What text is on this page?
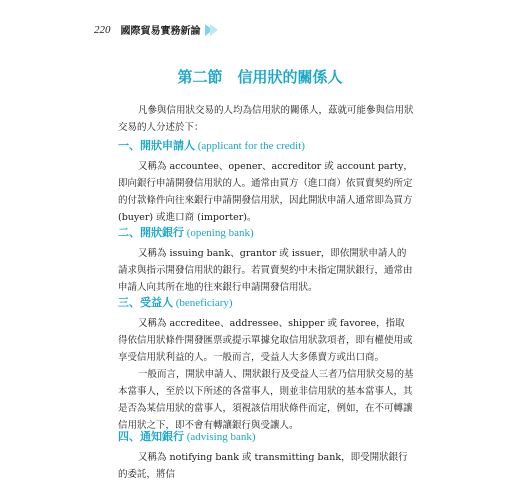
220 國際貿易實務新論
第二節　信用狀的關係人

凡參與信用狀交易的人均為信用狀的關係人，茲就可能參與信用狀交易的人分述於下：

一、開狀申請人 (applicant for the credit)

又稱為 accountee、opener、accreditor 或 account party，即向銀行申請開發信用狀的人。通常由買方（進口商）依買賣契約所定的付款條件向往來銀行申請開發信用狀，因此開狀申請人通常即為買方 (buyer) 或進口商 (importer)。

二、開狀銀行 (opening bank)

又稱為 issuing bank、grantor 或 issuer，即依開狀申請人的請求與指示開發信用狀的銀行。若買賣契約中未指定開狀銀行，通常由申請人向其所在地的往來銀行申請開發信用狀。

三、受益人 (beneficiary)

又稱為 accreditee、addressee、shipper 或 favoree，指取得依信用狀條件開發匯票或提示單據兌取信用狀款項者，即有權使用或享受信用狀利益的人。一般而言，受益人大多係賣方或出口商。

一般而言，開狀申請人、開狀銀行及受益人三者乃信用狀交易的基本當事人，至於以下所述的各當事人，則並非信用狀的基本當事人，其是否為某信用狀的當事人，須視該信用狀條件而定，例如，在不可轉讓信用狀之下，即不會有轉讓銀行與受讓人。

四、通知銀行 (advising bank)

又稱為 notifying bank 或 transmitting bank，即受開狀銀行的委託，將信
